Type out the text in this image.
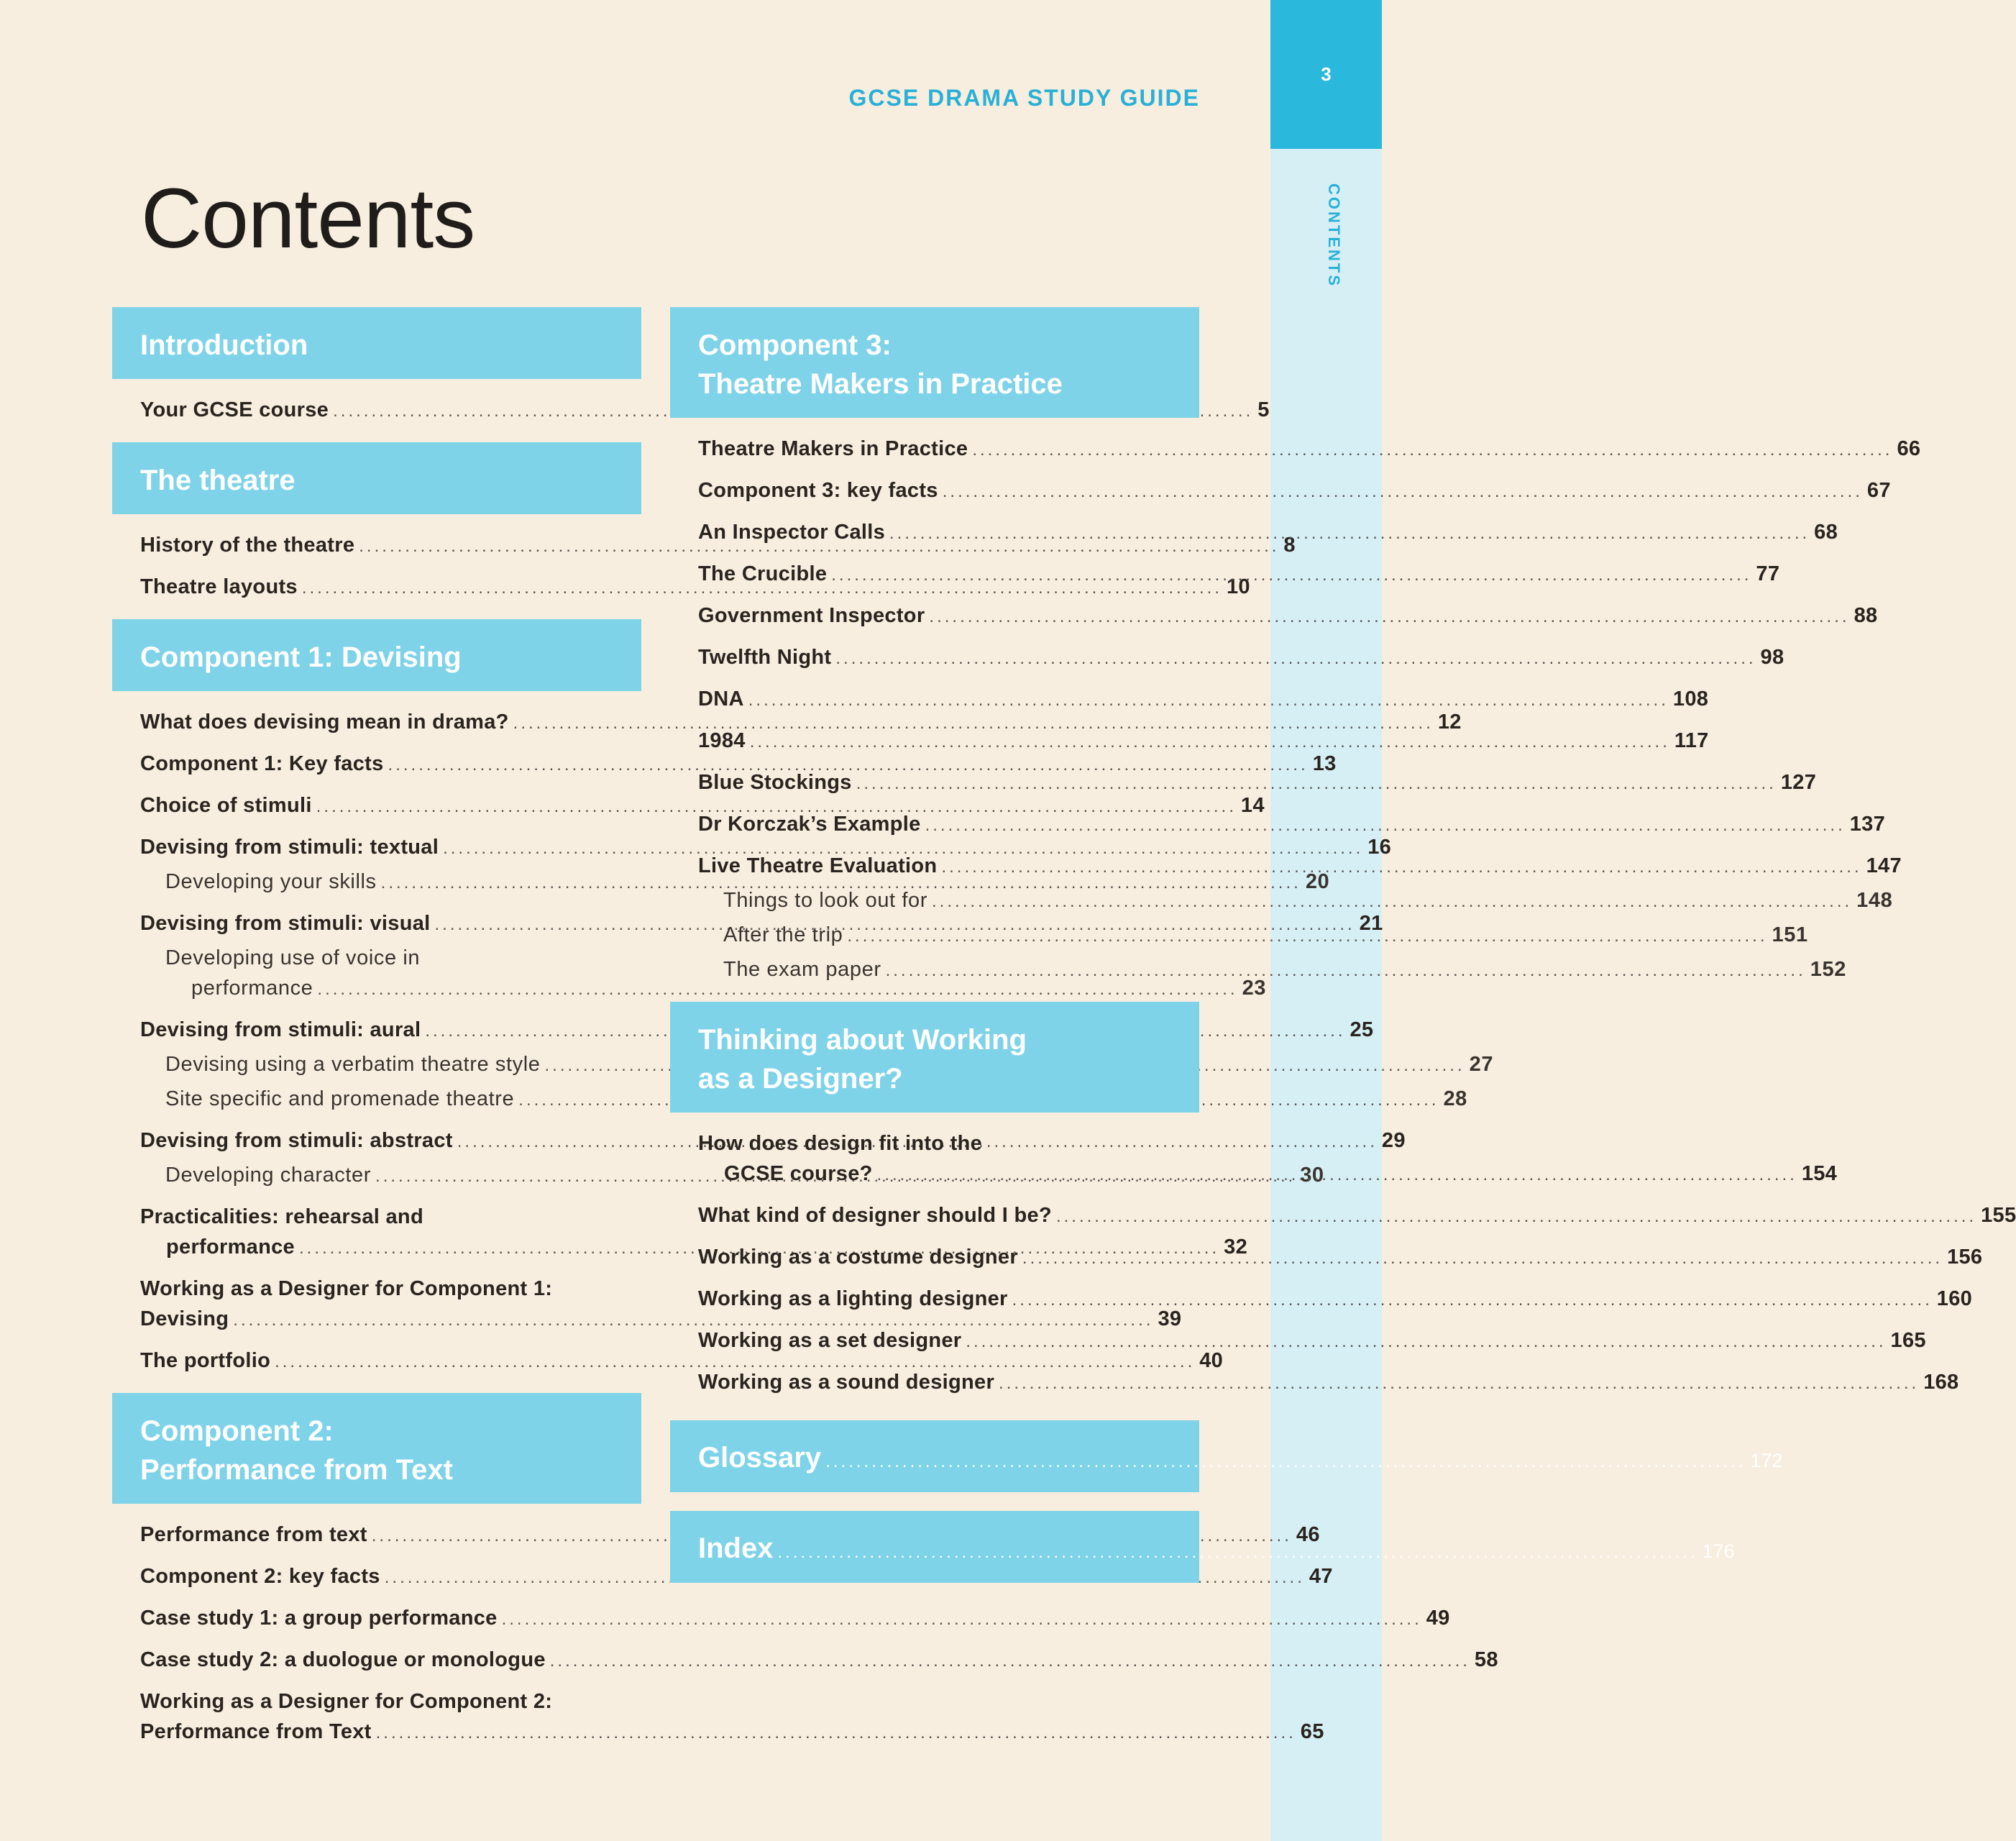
3
CONTENTS
GCSE DRAMA STUDY GUIDE
Contents
Introduction
Your GCSE course .....	5
The theatre
History of the theatre .....	8
Theatre layouts .....	10
Component 1: Devising
What does devising mean in drama? .....	12
Component 1: Key facts .....	13
Choice of stimuli .....	14
Devising from stimuli: textual .....	16
Developing your skills .....	20
Devising from stimuli: visual .....	21
Developing use of voice in
performance .....	23
Devising from stimuli: aural .....	25
Devising using a verbatim theatre style .....	27
Site specific and promenade theatre .....	28
Devising from stimuli: abstract .....	29
Developing character .....	30
Practicalities: rehearsal and
performance .....	32
Working as a Designer for Component 1:
Devising .....	39
The portfolio .....	40
Component 2:
Performance from Text
Performance from text .....	46
Component 2: key facts .....	47
Case study 1: a group performance .....	49
Case study 2: a duologue or monologue .....	58
Working as a Designer for Component 2:
Performance from Text .....	65
Component 3:
Theatre Makers in Practice
Theatre Makers in Practice .....	66
Component 3: key facts .....	67
An Inspector Calls .....	68
The Crucible .....	77
Government Inspector .....	88
Twelfth Night .....	98
DNA .....	108
1984 .....	117
Blue Stockings .....	127
Dr Korczak’s Example .....	137
Live Theatre Evaluation .....	147
Things to look out for .....	148
After the trip .....	151
The exam paper .....	152
Thinking about Working
as a Designer?
How does design fit into the
GCSE course? .....	154
What kind of designer should I be? .....	155
Working as a costume designer .....	156
Working as a lighting designer .....	160
Working as a set designer .....	165
Working as a sound designer .....	168
Glossary .....	172
Index .....	176
